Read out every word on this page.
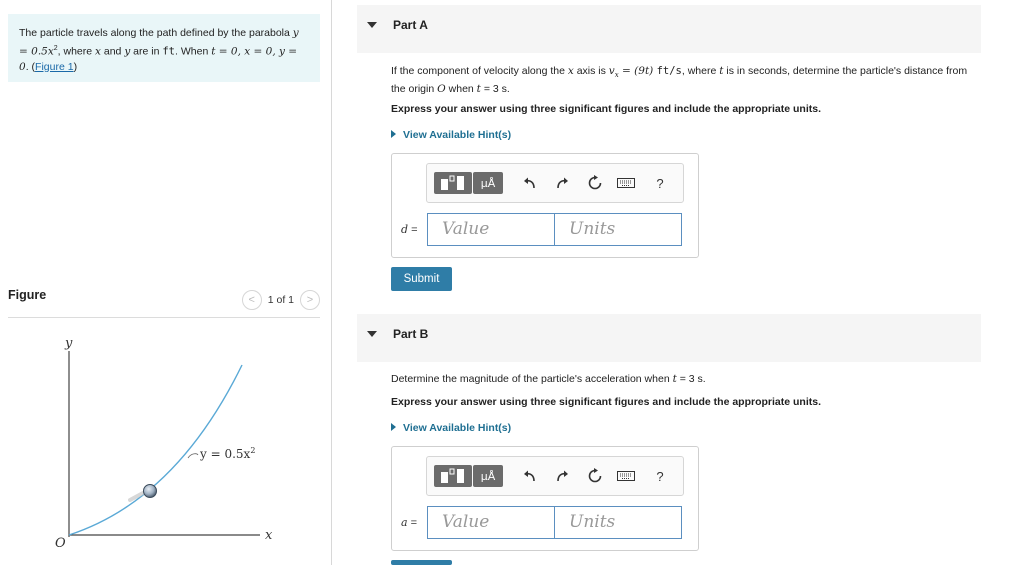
The particle travels along the path defined by the parabola $y = 0.5x^2$, where x and y are in ft. When t = 0, x = 0, y = 0. (Figure 1)
Figure	< 1 of 1 >
y
x
O
$y = 0.5x^2$
Part A
If the component of velocity along the x axis is $v_x = (9t)$ ft/s, where t is in seconds, determine the particle's distance from the origin O when t = 3 s.
Express your answer using three significant figures and include the appropriate units.
View Available Hint(s)
µÅ	?
d =	Value	Units
Submit
Part B
Determine the magnitude of the particle's acceleration when t = 3 s.
Express your answer using three significant figures and include the appropriate units.
View Available Hint(s)
µÅ	?
a =	Value	Units
